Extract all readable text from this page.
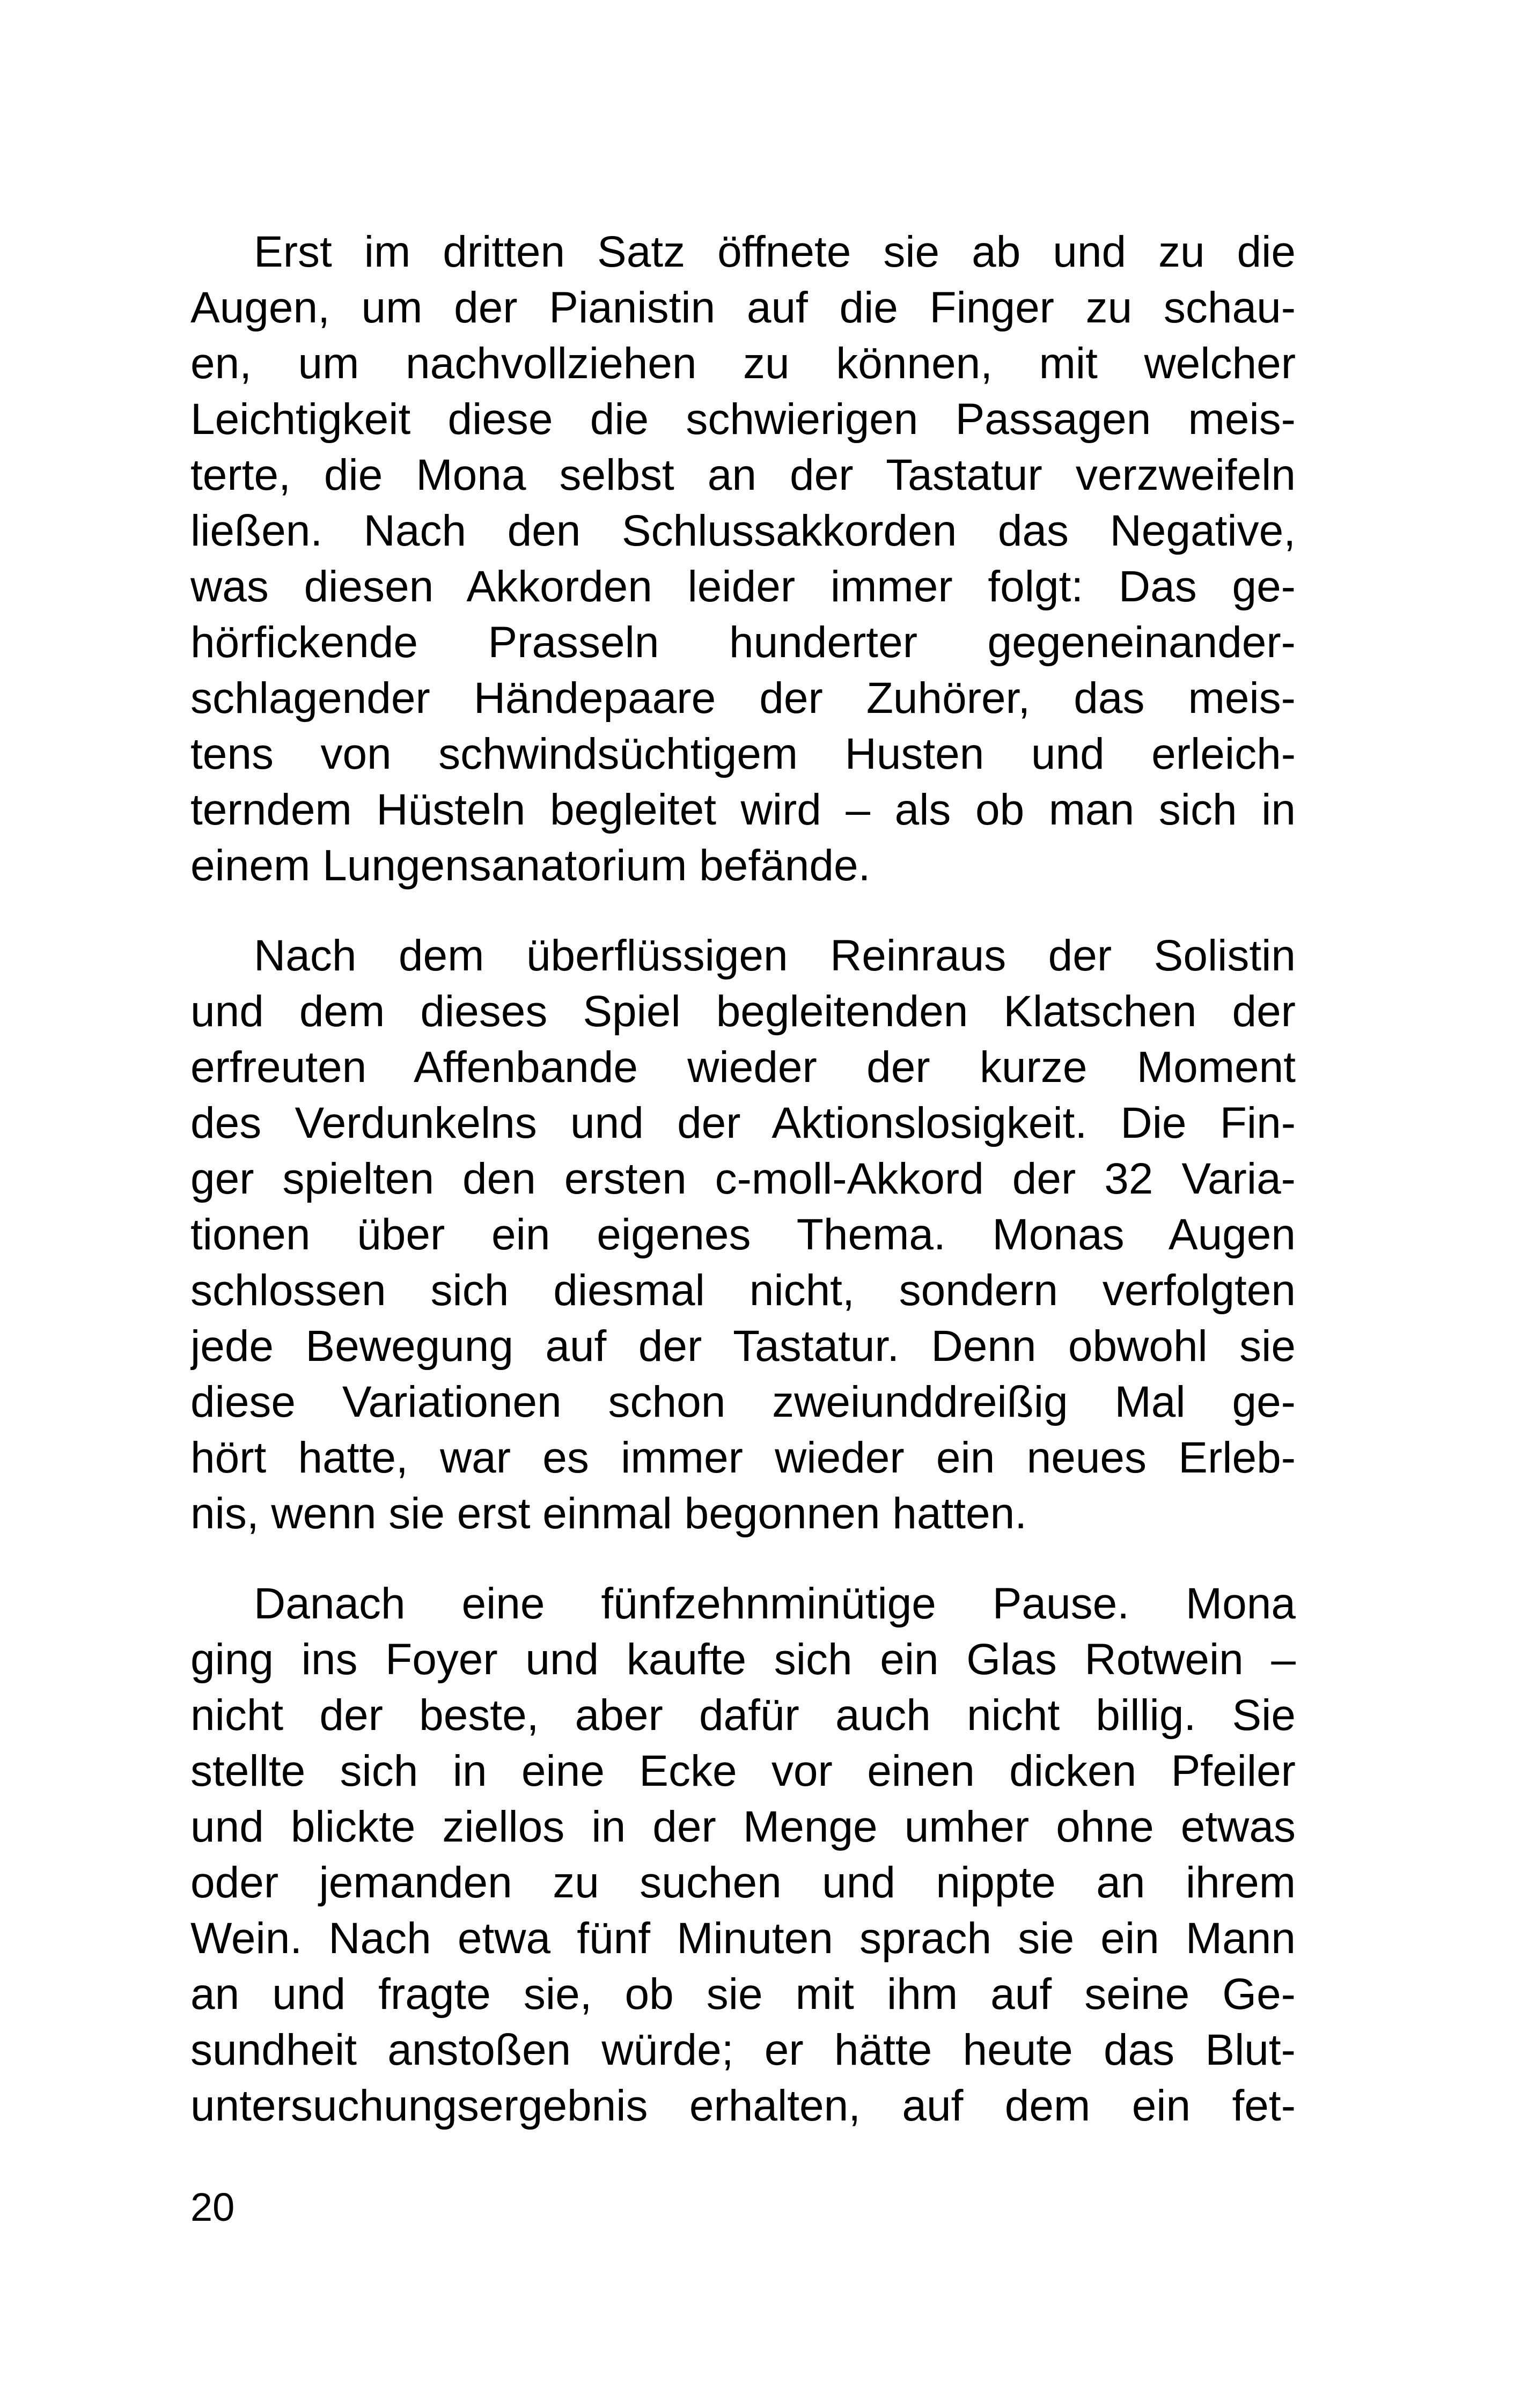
Erst im dritten Satz öffnete sie ab und zu die
Augen, um der Pianistin auf die Finger zu schau-
en, um nachvollziehen zu können, mit welcher
Leichtigkeit diese die schwierigen Passagen meis-
terte, die Mona selbst an der Tastatur verzweifeln
ließen. Nach den Schlussakkorden das Negative,
was diesen Akkorden leider immer folgt: Das ge-
hörfickende Prasseln hunderter gegeneinander-
schlagender Händepaare der Zuhörer, das meis-
tens von schwindsüchtigem Husten und erleich-
terndem Hüsteln begleitet wird – als ob man sich in
einem Lungensanatorium befände.

Nach dem überflüssigen Reinraus der Solistin
und dem dieses Spiel begleitenden Klatschen der
erfreuten Affenbande wieder der kurze Moment
des Verdunkelns und der Aktionslosigkeit. Die Fin-
ger spielten den ersten c-moll-Akkord der 32 Varia-
tionen über ein eigenes Thema. Monas Augen
schlossen sich diesmal nicht, sondern verfolgten
jede Bewegung auf der Tastatur. Denn obwohl sie
diese Variationen schon zweiunddreißig Mal ge-
hört hatte, war es immer wieder ein neues Erleb-
nis, wenn sie erst einmal begonnen hatten.

Danach eine fünfzehnminütige Pause. Mona
ging ins Foyer und kaufte sich ein Glas Rotwein –
nicht der beste, aber dafür auch nicht billig. Sie
stellte sich in eine Ecke vor einen dicken Pfeiler
und blickte ziellos in der Menge umher ohne etwas
oder jemanden zu suchen und nippte an ihrem
Wein. Nach etwa fünf Minuten sprach sie ein Mann
an und fragte sie, ob sie mit ihm auf seine Ge-
sundheit anstoßen würde; er hätte heute das Blut-
untersuchungsergebnis erhalten, auf dem ein fet-

20
